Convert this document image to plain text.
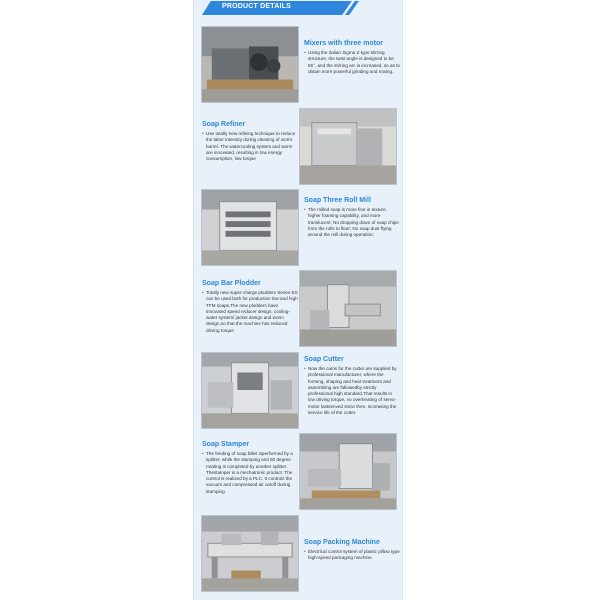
PRODUCT DETAILS

Mixers with three motor

• Using the Italian Sigma Z-type stirring structure, the twist angle is designed to be 55°, and the stirring arc is increased, so as to obtain more powerful grinding and mixing.

Soap Refiner

• Use totally new refining technique to reduce the labor intensity during cleaning of worm barrel. The watercooling system and worm are innovated, resulting in low energy consumption, low torque

Soap Three Roll Mill

• The milled soap is more fine in texture, higher foaming capability, and more translucent; No dropping down of soap chips from the rolls to floor; No soap dust flying around the mill during operation;

Soap Bar Plodder

• Totally new super-charge plodders Series ES can be used both for production low and high TFM soaps.The new plodders have innovated speed reducer design, cooling-water system/ jacket design and worm design,so that the machine has reduced driving torque

Soap Cutter

• Now the cams for the cutter are supplied by professional manufacturer, where the forming, shaping and heat treatment and assembling are followedby strictly professional high standard.That results in low driving torque, no overheating of servo-motor lastsenved since then, increasing the service life of the cutter.

Soap Stamper

• The feeding of soap billet isperformed by a splitter, while the stamping and 60 degree rotating is completed by another splitter. Thestamper is a mechatronic product. The control is realized by a PLC. It controls the vacuum and compressed air onloff during stamping.

Soap Packing Machine

• Electrical control system of plastic pillow type high-speed packaging machine.
